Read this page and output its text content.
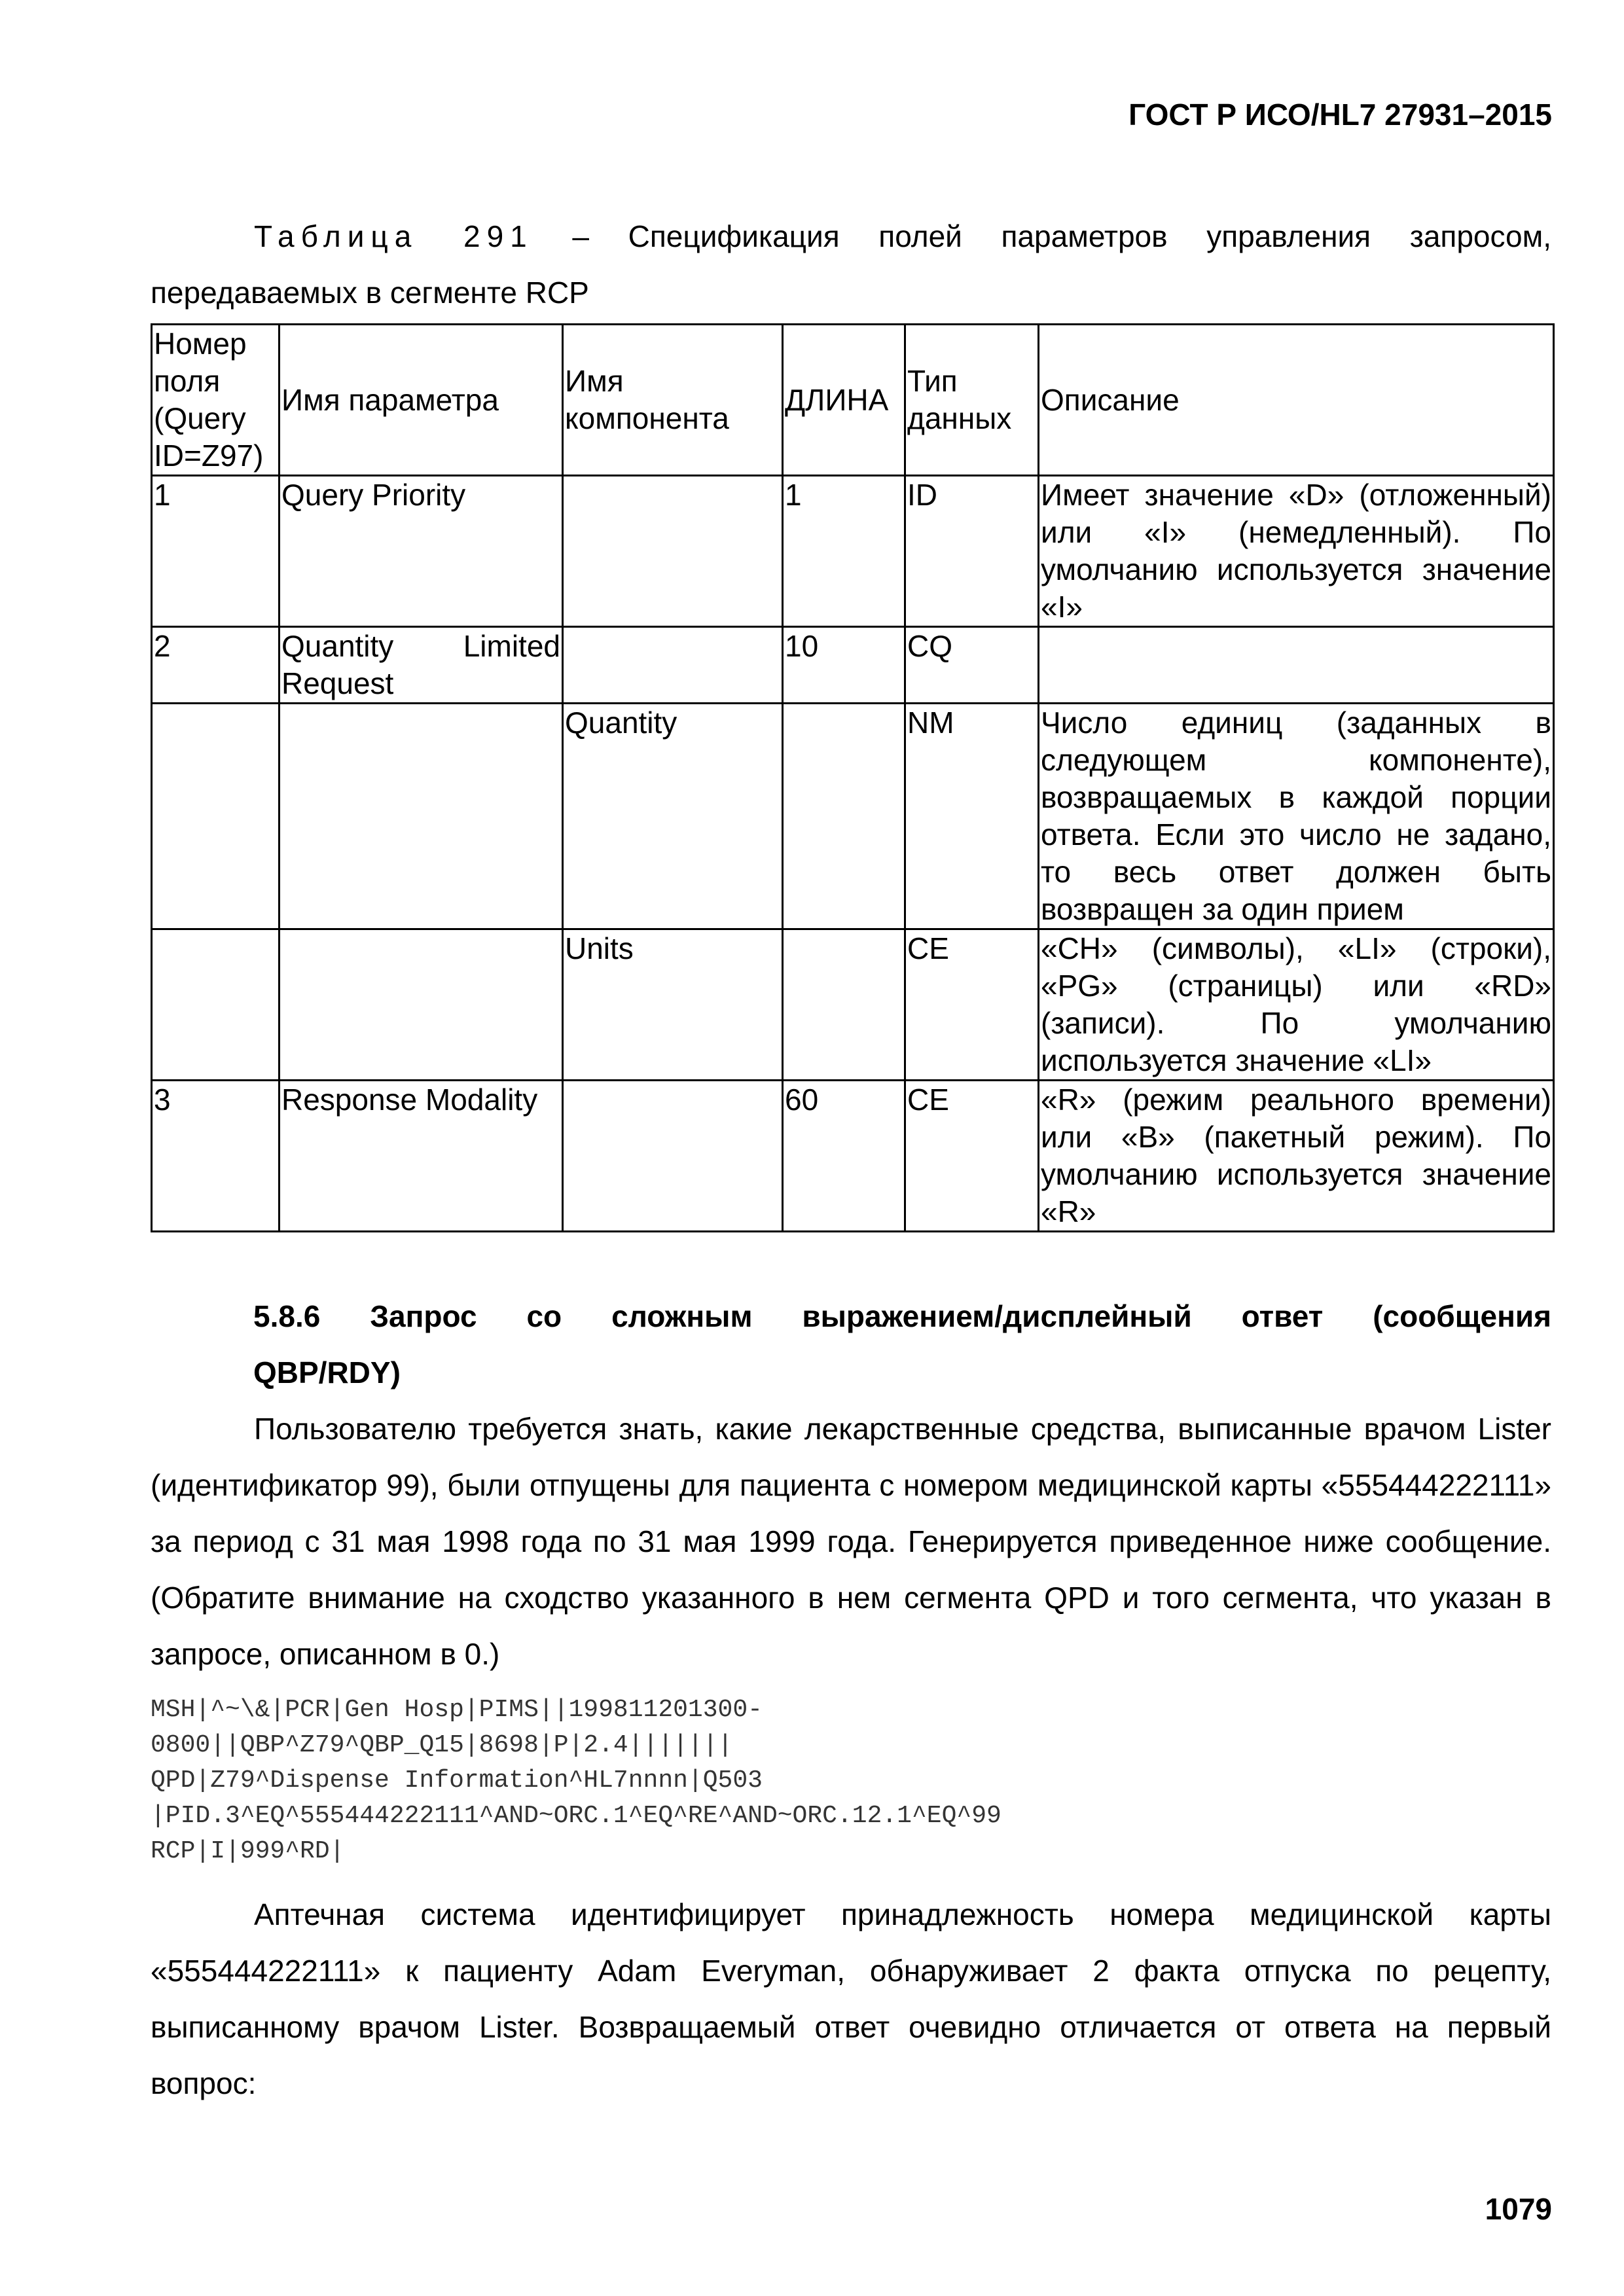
ГОСТ Р ИСО/HL7 27931–2015
Таблица 291 – Спецификация полей параметров управления запросом, передаваемых в сегменте RCP
Номер поля (Query ID=Z97)	Имя параметра	Имя компонента	ДЛИНА	Тип данных	Описание
1	Query Priority		1	ID	Имеет значение «D» (отложенный) или «I» (немедленный). По умолчанию используется значение «I»
2	Quantity Limited Request		10	CQ	
		Quantity		NM	Число единиц (заданных в следующем компоненте), возвращаемых в каждой порции ответа. Если это число не задано, то весь ответ должен быть возвращен за один прием
		Units		CE	«CH» (символы), «LI» (строки), «PG» (страницы) или «RD» (записи). По умолчанию используется значение «LI»
3	Response Modality		60	CE	«R» (режим реального времени) или «B» (пакетный режим). По умолчанию используется значение «R»
5.8.6 Запрос со сложным выражением/дисплейный ответ (сообщения
QBP/RDY)
Пользователю требуется знать, какие лекарственные средства, выписанные врачом Lister (идентификатор 99), были отпущены для пациента с номером медицинской карты «555444222111» за период с 31 мая 1998 года по 31 мая 1999 года. Генерируется приведенное ниже сообщение. (Обратите внимание на сходство указанного в нем сегмента QPD и того сегмента, что указан в запросе, описанном в 0.)
MSH|^~\&|PCR|Gen Hosp|PIMS||199811201300-
0800||QBP^Z79^QBP_Q15|8698|P|2.4|||||||
QPD|Z79^Dispense Information^HL7nnnn|Q503
|PID.3^EQ^555444222111^AND~ORC.1^EQ^RE^AND~ORC.12.1^EQ^99
RCP|I|999^RD|
Аптечная система идентифицирует принадлежность номера медицинской карты «555444222111» к пациенту Adam Everyman, обнаруживает 2 факта отпуска по рецепту, выписанному врачом Lister. Возвращаемый ответ очевидно отличается от ответа на первый вопрос:
1079
